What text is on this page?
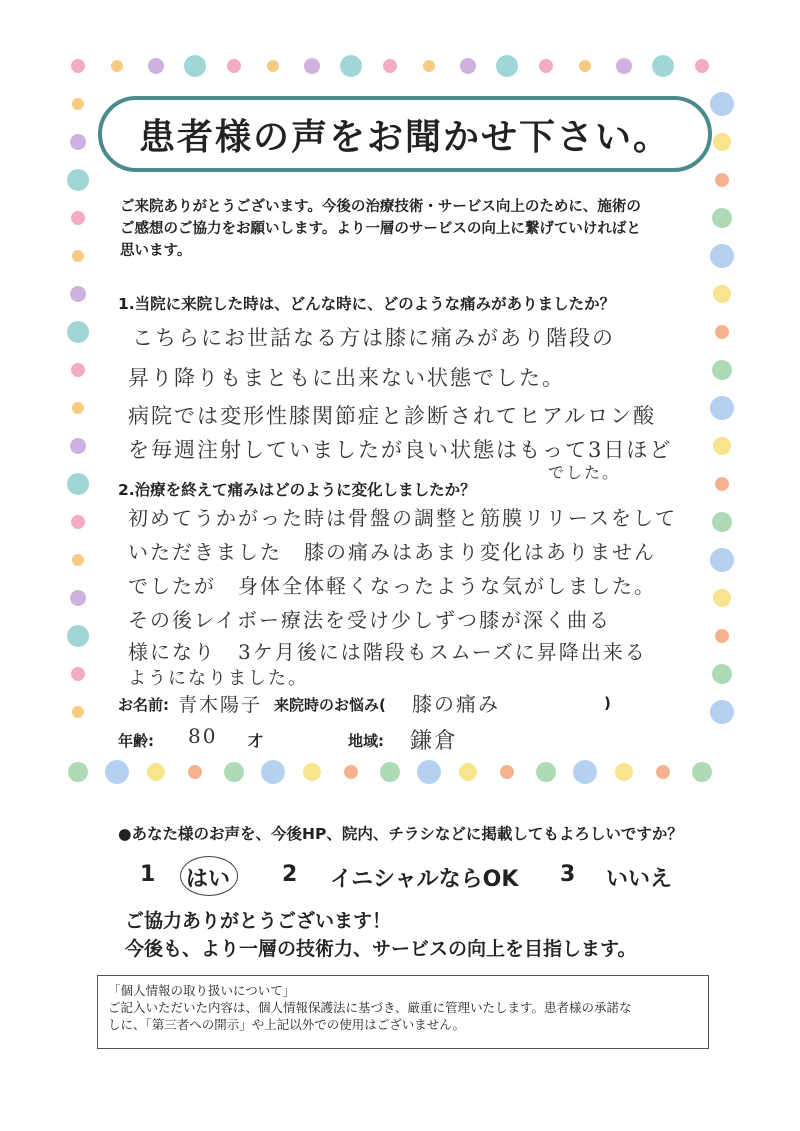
患者様の声をお聞かせ下さい。
ご来院ありがとうございます。今後の治療技術・サービス向上のために、施術の
ご感想のご協力をお願いします。より一層のサービスの向上に繋げていければと
思います。
1.当院に来院した時は、どんな時に、どのような痛みがありましたか？
こちらにお世話なる方は膝に痛みがあり階段の
昇り降りもまともに出来ない状態でした。
病院では変形性膝関節症と診断されてヒアルロン酸
を毎週注射していましたが良い状態はもって3日ほど
でした。
2.治療を終えて痛みはどのように変化しましたか？
初めてうかがった時は骨盤の調整と筋膜リリースをして
いただきました　膝の痛みはあまり変化はありません
でしたが　身体全体軽くなったような気がしました。
その後レイボー療法を受け少しずつ膝が深く曲る
様になり　3ケ月後には階段もスムーズに昇降出来る
ようになりました。
お名前: 青木陽子 来院時のお悩み( 膝の痛み	)
年齢: 80 才	地域: 鎌倉
●あなた様のお声を、今後HP、院内、チラシなどに掲載してもよろしいですか？
1 はい 2 イニシャルならOK 3 いいえ
ご協力ありがとうございます！
今後も、より一層の技術力、サービスの向上を目指します。
「個人情報の取り扱いについて」
ご記入いただいた内容は、個人情報保護法に基づき、厳重に管理いたします。患者様の承諾な
しに、「第三者への開示」や上記以外での使用はございません。
